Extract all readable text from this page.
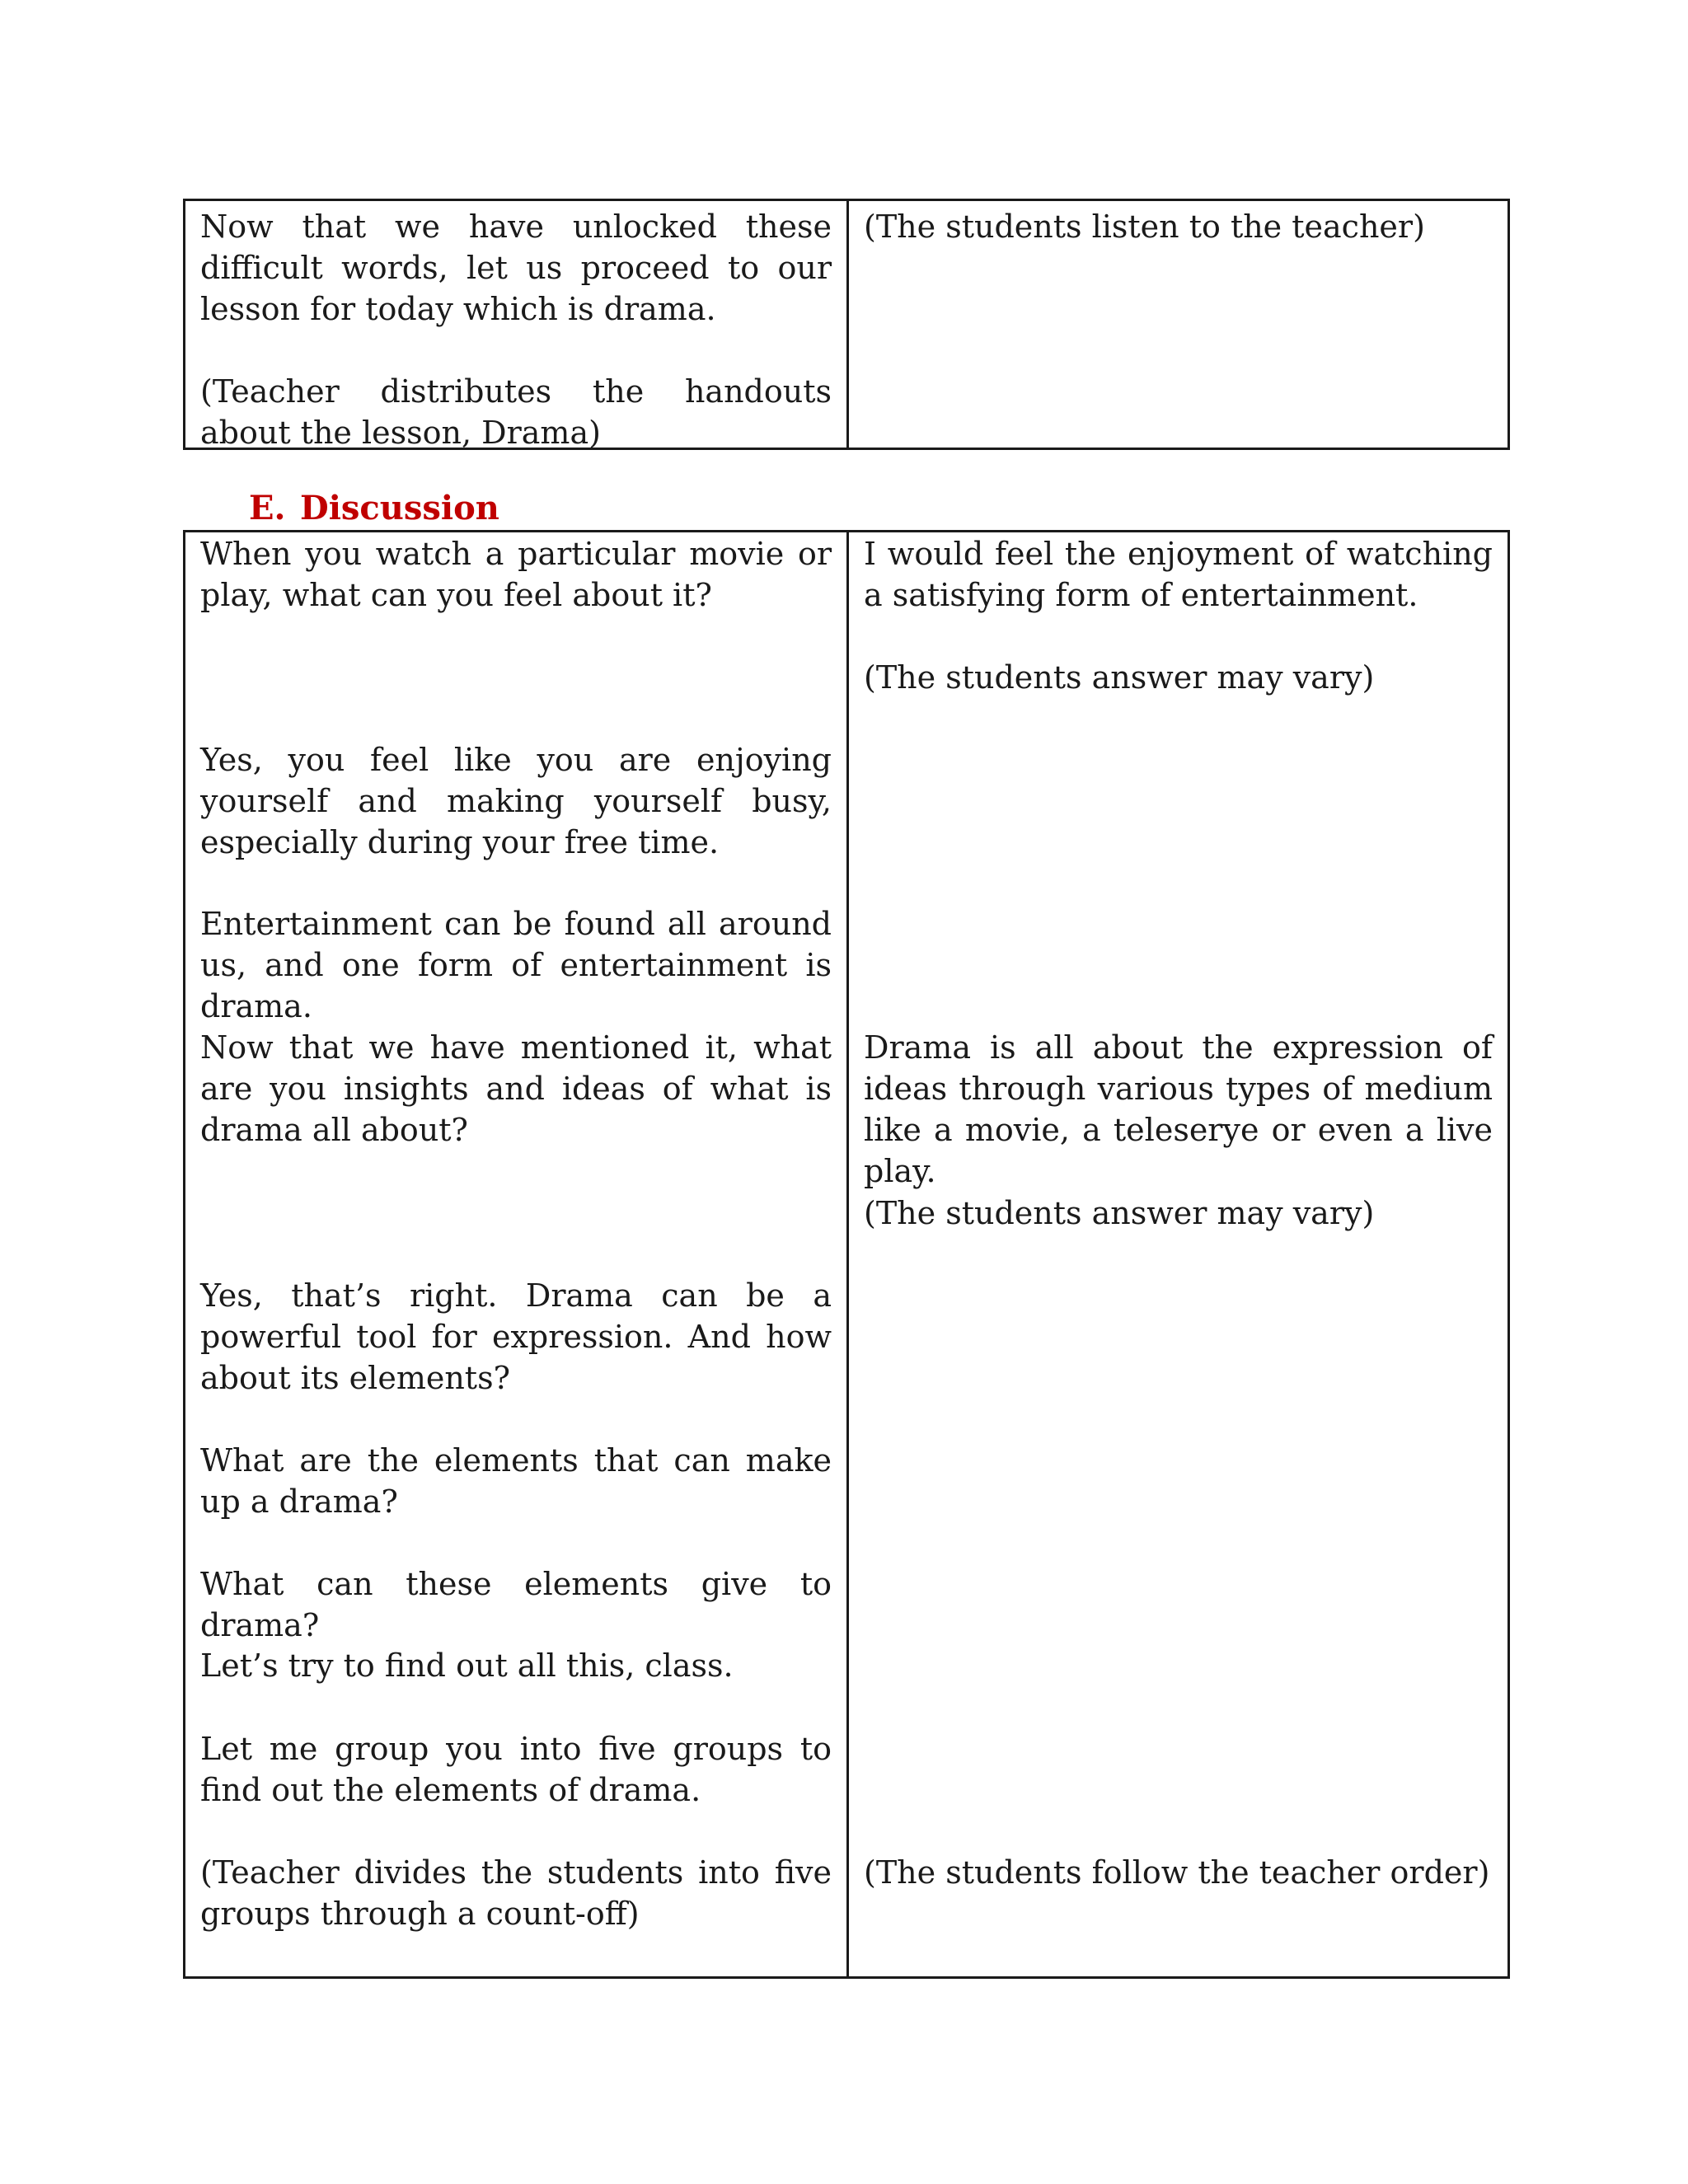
Now that we have unlocked these difficult words, let us proceed to our lesson for today which is drama.

(Teacher distributes the handouts about the lesson, Drama)

(The students listen to the teacher)

E. Discussion

When you watch a particular movie or play, what can you feel about it?

Yes, you feel like you are enjoying yourself and making yourself busy, especially during your free time.

Entertainment can be found all around us, and one form of entertainment is drama.

Now that we have mentioned it, what are you insights and ideas of what is drama all about?

Yes, that’s right. Drama can be a powerful tool for expression. And how about its elements?

What are the elements that can make up a drama?

What can these elements give to drama?

Let’s try to find out all this, class.

Let me group you into five groups to find out the elements of drama.

(Teacher divides the students into five groups through a count-off)

I would feel the enjoyment of watching a satisfying form of entertainment.

(The students answer may vary)

Drama is all about the expression of ideas through various types of medium like a movie, a teleserye or even a live play.

(The students answer may vary)

(The students follow the teacher order)
